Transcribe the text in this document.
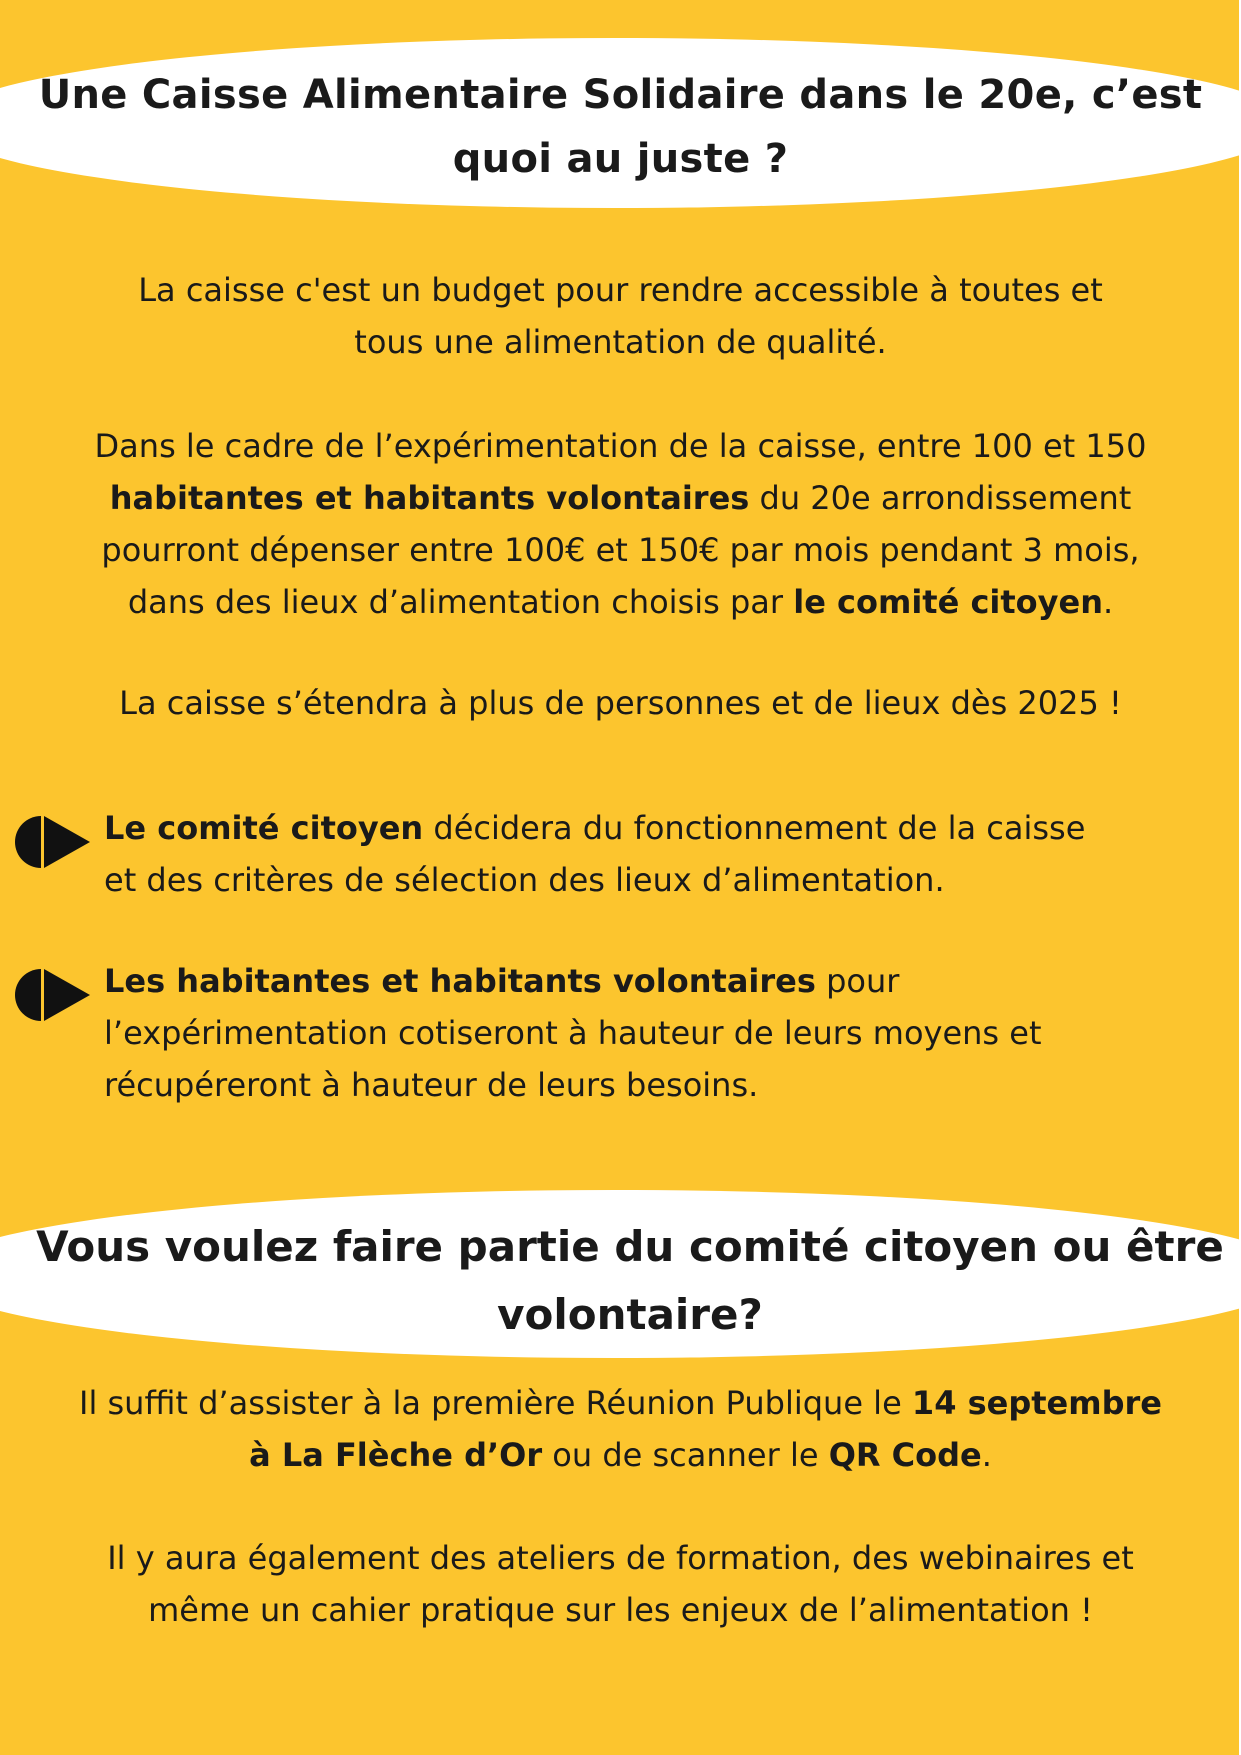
Une Caisse Alimentaire Solidaire dans le 20e, c’est
quoi au juste ?

La caisse c'est un budget pour rendre accessible à toutes et
tous une alimentation de qualité.

Dans le cadre de l’expérimentation de la caisse, entre 100 et 150
habitantes et habitants volontaires du 20e arrondissement
pourront dépenser entre 100€ et 150€ par mois pendant 3 mois,
dans des lieux d’alimentation choisis par le comité citoyen.

La caisse s’étendra à plus de personnes et de lieux dès 2025 !

Le comité citoyen décidera du fonctionnement de la caisse
et des critères de sélection des lieux d’alimentation.

Les habitantes et habitants volontaires pour
l’expérimentation cotiseront à hauteur de leurs moyens et
récupéreront à hauteur de leurs besoins.

Vous voulez faire partie du comité citoyen ou être
volontaire?

Il suffit d’assister à la première Réunion Publique le 14 septembre
à La Flèche d’Or ou de scanner le QR Code.

Il y aura également des ateliers de formation, des webinaires et
même un cahier pratique sur les enjeux de l’alimentation !
